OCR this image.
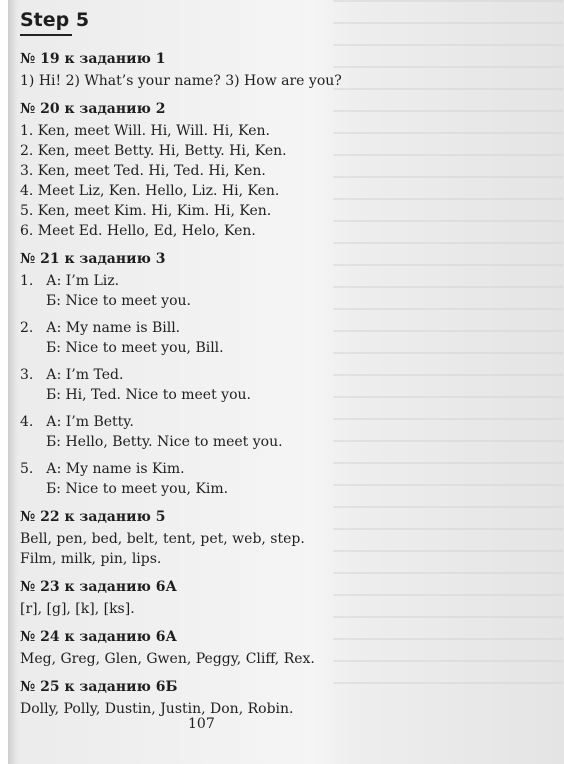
Step 5
№ 19 к заданию 1
1) Hi! 2) What’s your name? 3) How are you?
№ 20 к заданию 2
1. Ken, meet Will. Hi, Will. Hi, Ken.
2. Ken, meet Betty. Hi, Betty. Hi, Ken.
3. Ken, meet Ted. Hi, Ted. Hi, Ken.
4. Meet Liz, Ken. Hello, Liz. Hi, Ken.
5. Ken, meet Kim. Hi, Kim. Hi, Ken.
6. Meet Ed. Hello, Ed, Helo, Ken.
№ 21 к заданию 3
1. А: I’m Liz.
Б: Nice to meet you.
2. А: My name is Bill.
Б: Nice to meet you, Bill.
3. А: I’m Ted.
Б: Hi, Ted. Nice to meet you.
4. А: I’m Betty.
Б: Hello, Betty. Nice to meet you.
5. А: My name is Kim.
Б: Nice to meet you, Kim.
№ 22 к заданию 5
Bell, pen, bed, belt, tent, pet, web, step.
Film, milk, pin, lips.
№ 23 к заданию 6А
[r], [g], [k], [ks].
№ 24 к заданию 6А
Meg, Greg, Glen, Gwen, Peggy, Cliff, Rex.
№ 25 к заданию 6Б
Dolly, Polly, Dustin, Justin, Don, Robin.
107
